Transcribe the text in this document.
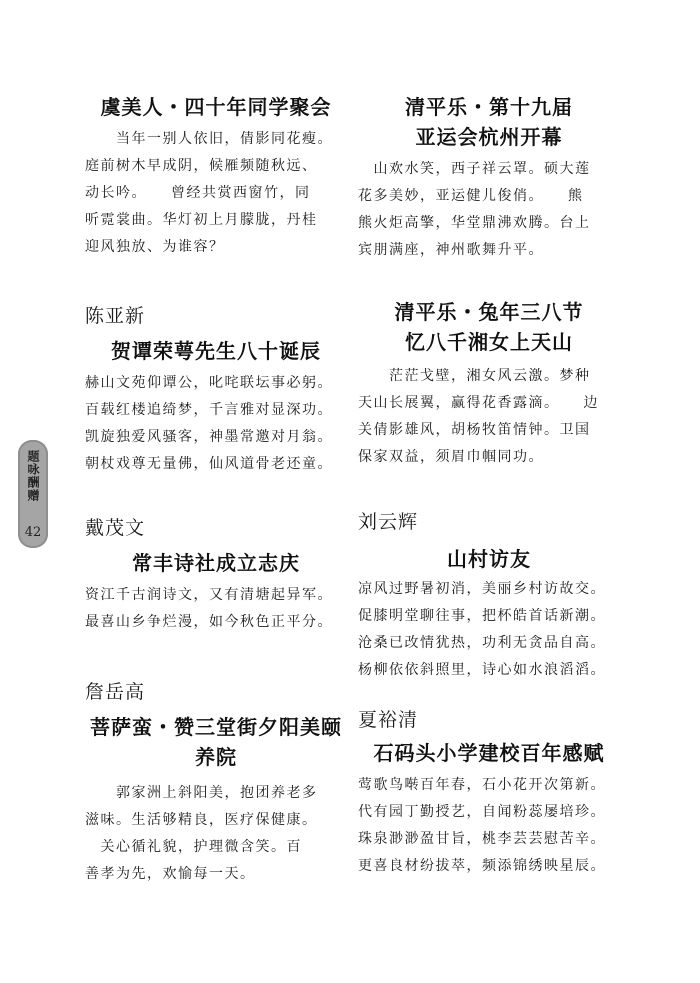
题咏酬赠
42

虞美人・四十年同学聚会

　　当年一别人依旧，倩影同花瘦。

庭前树木早成阴，候雁频随秋远、

动长吟。　　曾经共赏西窗竹，同

听霓裳曲。华灯初上月朦胧，丹桂

迎风独放、为谁容？

陈亚新

贺谭荣萼先生八十诞辰

赫山文苑仰谭公，叱咤联坛事必躬。

百载红楼追绮梦，千言雅对显深功。

凯旋独爱风骚客，神墨常邀对月翁。

朝杖戏尊无量佛，仙风道骨老还童。

戴茂文

常丰诗社成立志庆

资江千古润诗文，又有清塘起异军。

最喜山乡争烂漫，如今秋色正平分。

詹岳高

菩萨蛮・赞三堂街夕阳美颐

养院

　　郭家洲上斜阳美，抱团养老多

滋味。生活够精良，医疗保健康。

　关心循礼貌，护理微含笑。百

善孝为先，欢愉每一天。

清平乐・第十九届

亚运会杭州开幕

　山欢水笑，西子祥云罩。硕大莲

花多美妙，亚运健儿俊俏。　　熊

熊火炬高擎，华堂鼎沸欢腾。台上

宾朋满座，神州歌舞升平。

清平乐・兔年三八节

忆八千湘女上天山

　　茫茫戈壁，湘女风云激。梦种

天山长展翼，赢得花香露滴。　　边

关倩影雄风，胡杨牧笛情钟。卫国

保家双益，须眉巾帼同功。

刘云辉

山村访友

凉风过野暑初消，美丽乡村访故交。

促膝明堂聊往事，把杯皓首话新潮。

沧桑已改情犹热，功利无贪品自高。

杨柳依依斜照里，诗心如水浪滔滔。

夏裕清

石码头小学建校百年感赋

莺歌鸟啭百年春，石小花开次第新。

代有园丁勤授艺，自闻粉蕊屡培珍。

珠泉渺渺盈甘旨，桃李芸芸慰苦辛。

更喜良材纷拔萃，频添锦绣映星辰。
